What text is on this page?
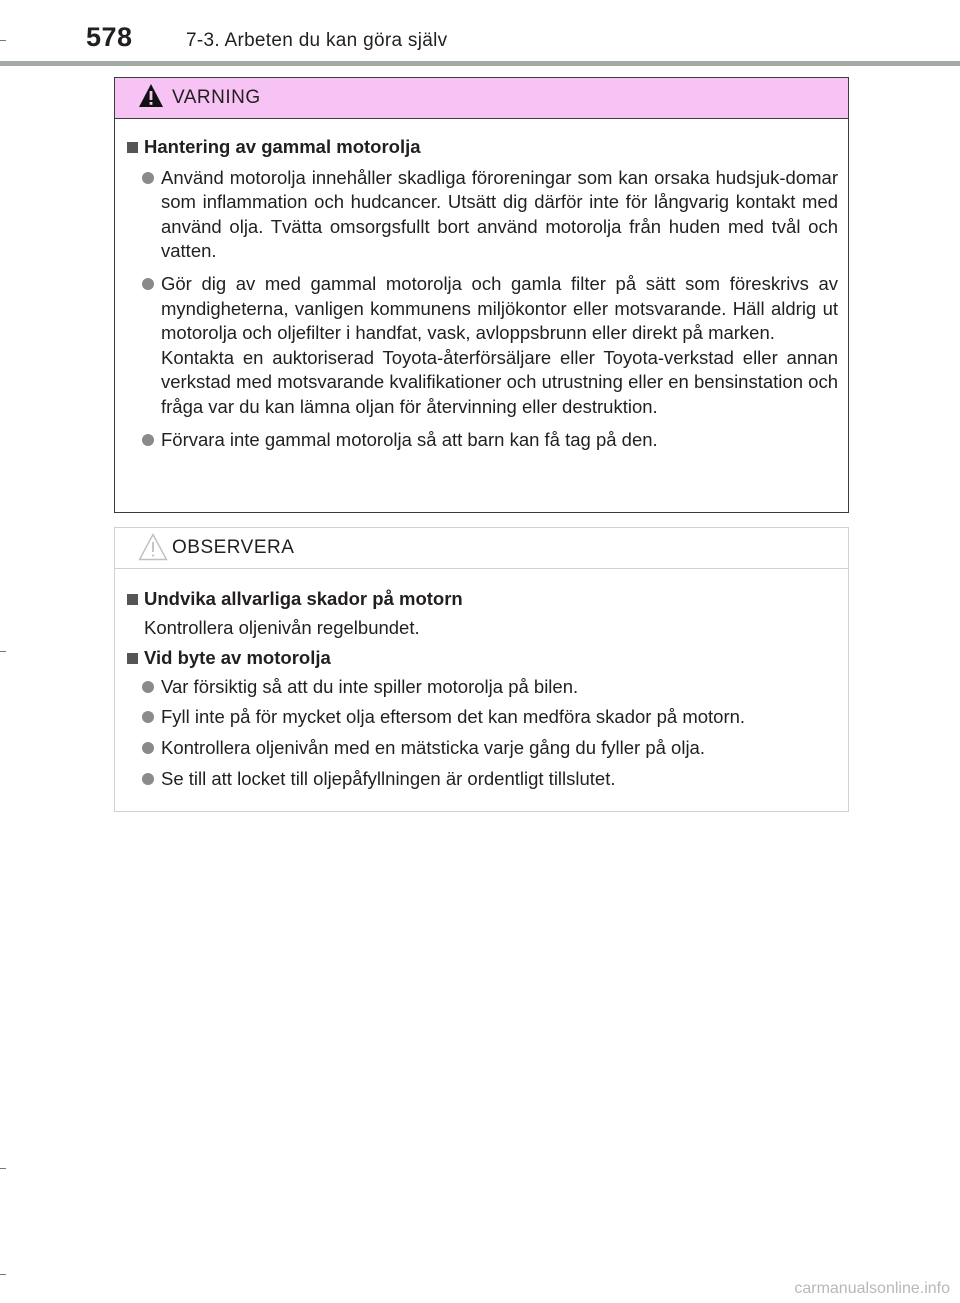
578	7-3. Arbeten du kan göra själv
VARNING
Hantering av gammal motorolja
Använd motorolja innehåller skadliga föroreningar som kan orsaka hudsjuk-domar som inflammation och hudcancer. Utsätt dig därför inte för långvarig kontakt med använd olja. Tvätta omsorgsfullt bort använd motorolja från huden med tvål och vatten.
Gör dig av med gammal motorolja och gamla filter på sätt som föreskrivs av myndigheterna, vanligen kommunens miljökontor eller motsvarande. Häll aldrig ut motorolja och oljefilter i handfat, vask, avloppsbrunn eller direkt på marken.
Kontakta en auktoriserad Toyota-återförsäljare eller Toyota-verkstad eller annan verkstad med motsvarande kvalifikationer och utrustning eller en bensinstation och fråga var du kan lämna oljan för återvinning eller destruktion.
Förvara inte gammal motorolja så att barn kan få tag på den.
OBSERVERA
Undvika allvarliga skador på motorn
Kontrollera oljenivån regelbundet.
Vid byte av motorolja
Var försiktig så att du inte spiller motorolja på bilen.
Fyll inte på för mycket olja eftersom det kan medföra skador på motorn.
Kontrollera oljenivån med en mätsticka varje gång du fyller på olja.
Se till att locket till oljepåfyllningen är ordentligt tillslutet.
carmanualsonline.info
